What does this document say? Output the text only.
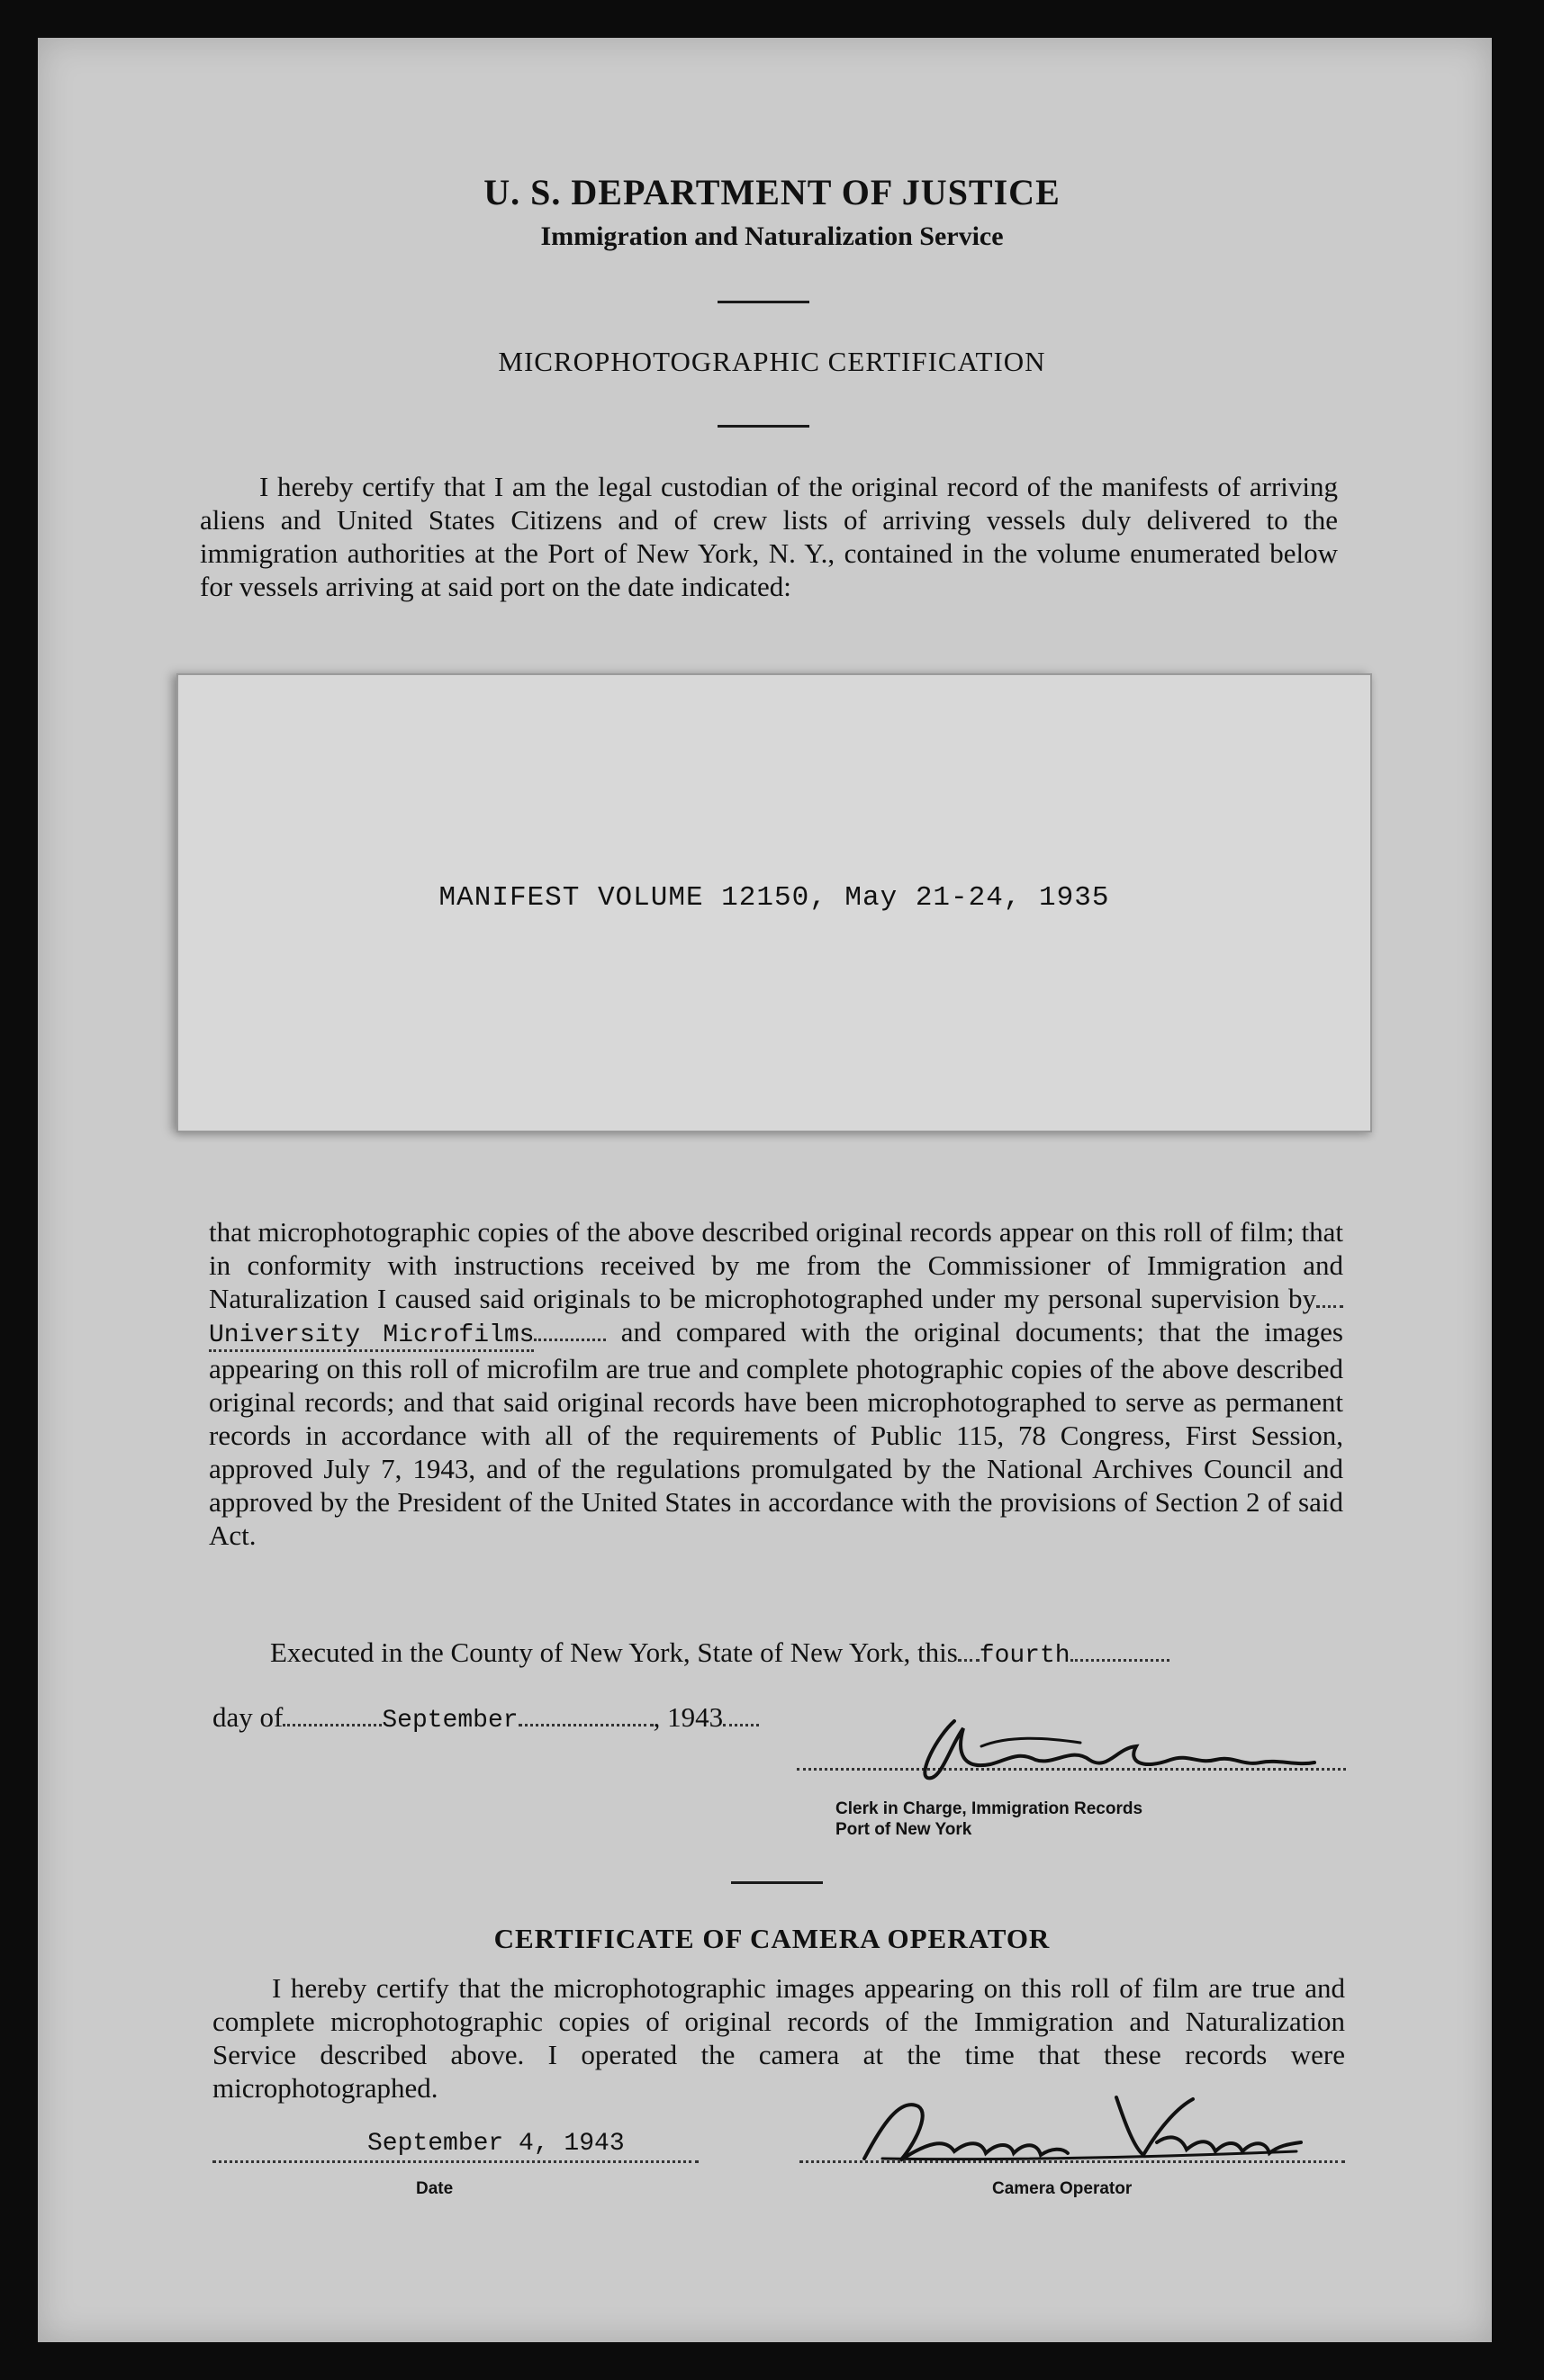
U. S. DEPARTMENT OF JUSTICE
Immigration and Naturalization Service
MICROPHOTOGRAPHIC CERTIFICATION

I hereby certify that I am the legal custodian of the original record of the manifests of arriving aliens and United States Citizens and of crew lists of arriving vessels duly delivered to the immigration authorities at the Port of New York, N. Y., contained in the volume enumerated below for vessels arriving at said port on the date indicated:

MANIFEST VOLUME 12150, May 21-24, 1935

that microphotographic copies of the above described original records appear on this roll of film; that in conformity with instructions received by me from the Commissioner of Immigration and Naturalization I caused said originals to be microphotographed under my personal supervision byUniversity Microfilms	and compared with the original documents; that the images appearing on this roll of microfilm are true and complete photographic copies of the above described original records; and that said original records have been microphotographed to serve as permanent records in accordance with all of the requirements of Public 115, 78 Congress, First Session, approved July 7, 1943, and of the regulations promulgated by the National Archives Council and approved by the President of the United States in accordance with the provisions of Section 2 of said Act.

Executed in the County of New York, State of New York, this fourth
day of	September	, 1943
Clerk in Charge, Immigration Records
Port of New York
CERTIFICATE OF CAMERA OPERATOR

I hereby certify that the microphotographic images appearing on this roll of film are true and complete microphotographic copies of original records of the Immigration and Naturalization Service described above. I operated the camera at the time that these records were microphotographed.

September 4, 1943
Date	Camera Operator
